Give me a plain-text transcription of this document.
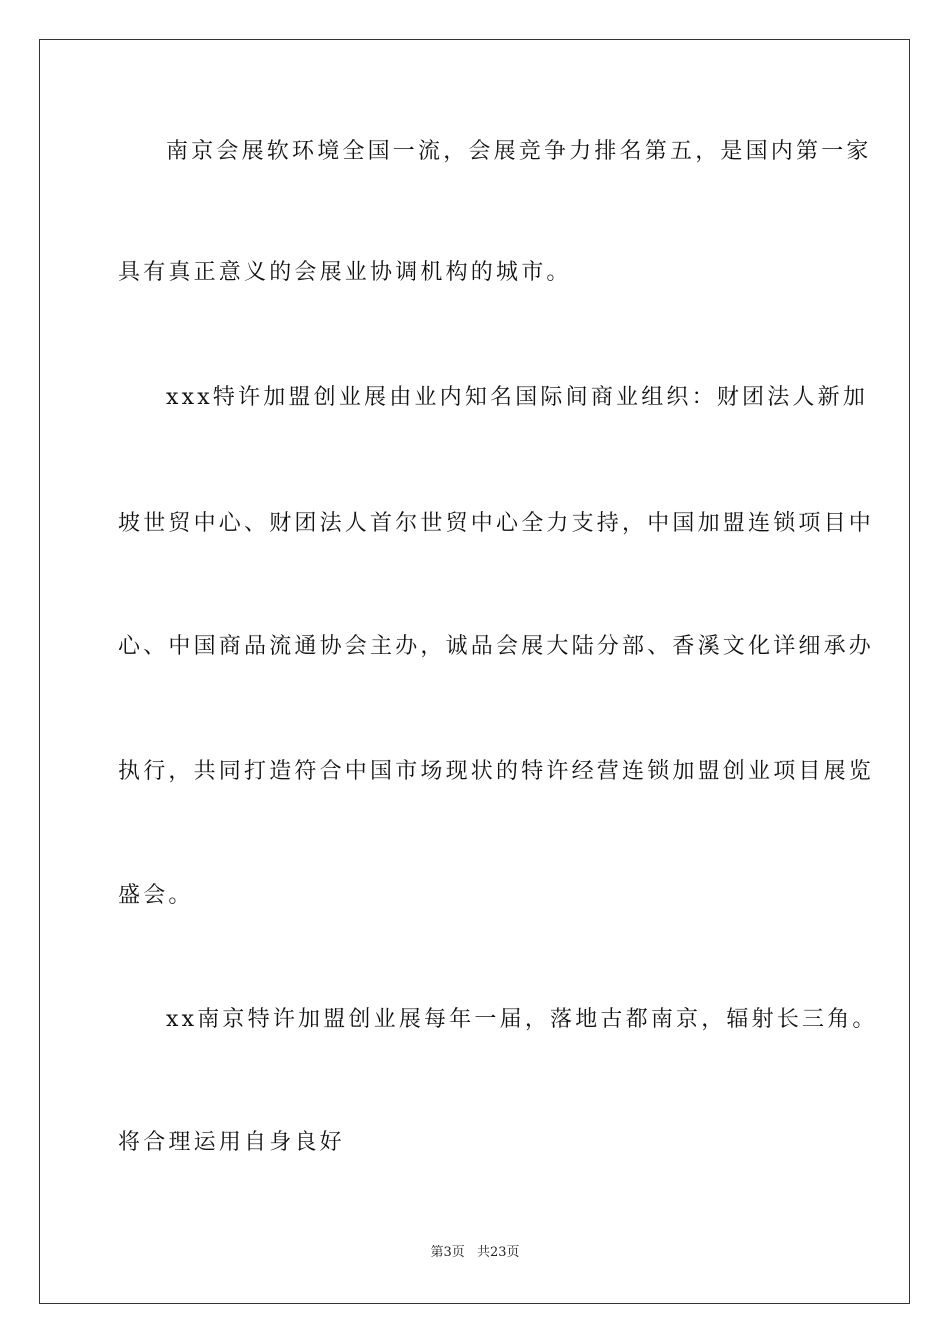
南京会展软环境全国一流，会展竞争力排名第五，是国内第一家
具有真正意义的会展业协调机构的城市。
xxx特许加盟创业展由业内知名国际间商业组织：财团法人新加
坡世贸中心、财团法人首尔世贸中心全力支持，中国加盟连锁项目中
心、中国商品流通协会主办，诚品会展大陆分部、香溪文化详细承办
执行，共同打造符合中国市场现状的特许经营连锁加盟创业项目展览
盛会。
xx南京特许加盟创业展每年一届，落地古都南京，辐射长三角。
将合理运用自身良好
第3页 共23页
